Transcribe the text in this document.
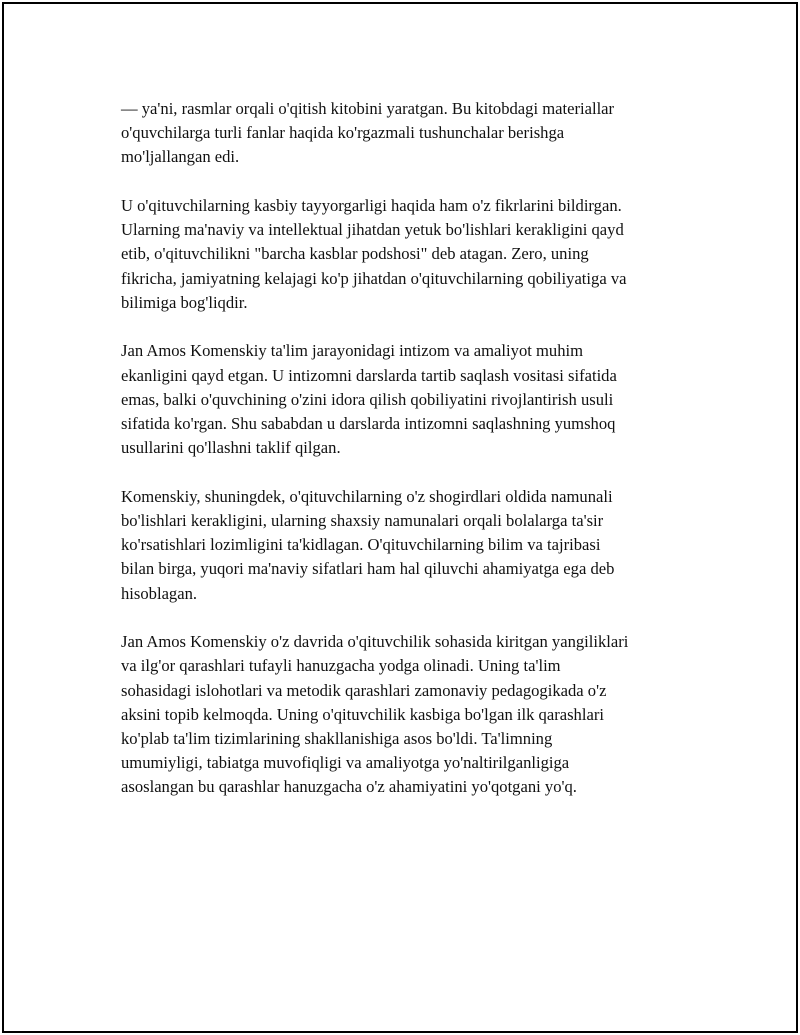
— ya'ni, rasmlar orqali o'qitish kitobini yaratgan. Bu kitobdagi materiallar
o'quvchilarga turli fanlar haqida ko'rgazmali tushunchalar berishga
mo'ljallangan edi.

U o'qituvchilarning kasbiy tayyorgarligi haqida ham o'z fikrlarini bildirgan.
Ularning ma'naviy va intellektual jihatdan yetuk bo'lishlari kerakligini qayd
etib, o'qituvchilikni "barcha kasblar podshosi" deb atagan. Zero, uning
fikricha, jamiyatning kelajagi ko'p jihatdan o'qituvchilarning qobiliyatiga va
bilimiga bog'liqdir.

Jan Amos Komenskiy ta'lim jarayonidagi intizom va amaliyot muhim
ekanligini qayd etgan. U intizomni darslarda tartib saqlash vositasi sifatida
emas, balki o'quvchining o'zini idora qilish qobiliyatini rivojlantirish usuli
sifatida ko'rgan. Shu sababdan u darslarda intizomni saqlashning yumshoq
usullarini qo'llashni taklif qilgan.

Komenskiy, shuningdek, o'qituvchilarning o'z shogirdlari oldida namunali
bo'lishlari kerakligini, ularning shaxsiy namunalari orqali bolalarga ta'sir
ko'rsatishlari lozimligini ta'kidlagan. O'qituvchilarning bilim va tajribasi
bilan birga, yuqori ma'naviy sifatlari ham hal qiluvchi ahamiyatga ega deb
hisoblagan.

Jan Amos Komenskiy o'z davrida o'qituvchilik sohasida kiritgan yangiliklari
va ilg'or qarashlari tufayli hanuzgacha yodga olinadi. Uning ta'lim
sohasidagi islohotlari va metodik qarashlari zamonaviy pedagogikada o'z
aksini topib kelmoqda. Uning o'qituvchilik kasbiga bo'lgan ilk qarashlari
ko'plab ta'lim tizimlarining shakllanishiga asos bo'ldi. Ta'limning
umumiyligi, tabiatga muvofiqligi va amaliyotga yo'naltirilganligiga
asoslangan bu qarashlar hanuzgacha o'z ahamiyatini yo'qotgani yo'q.
